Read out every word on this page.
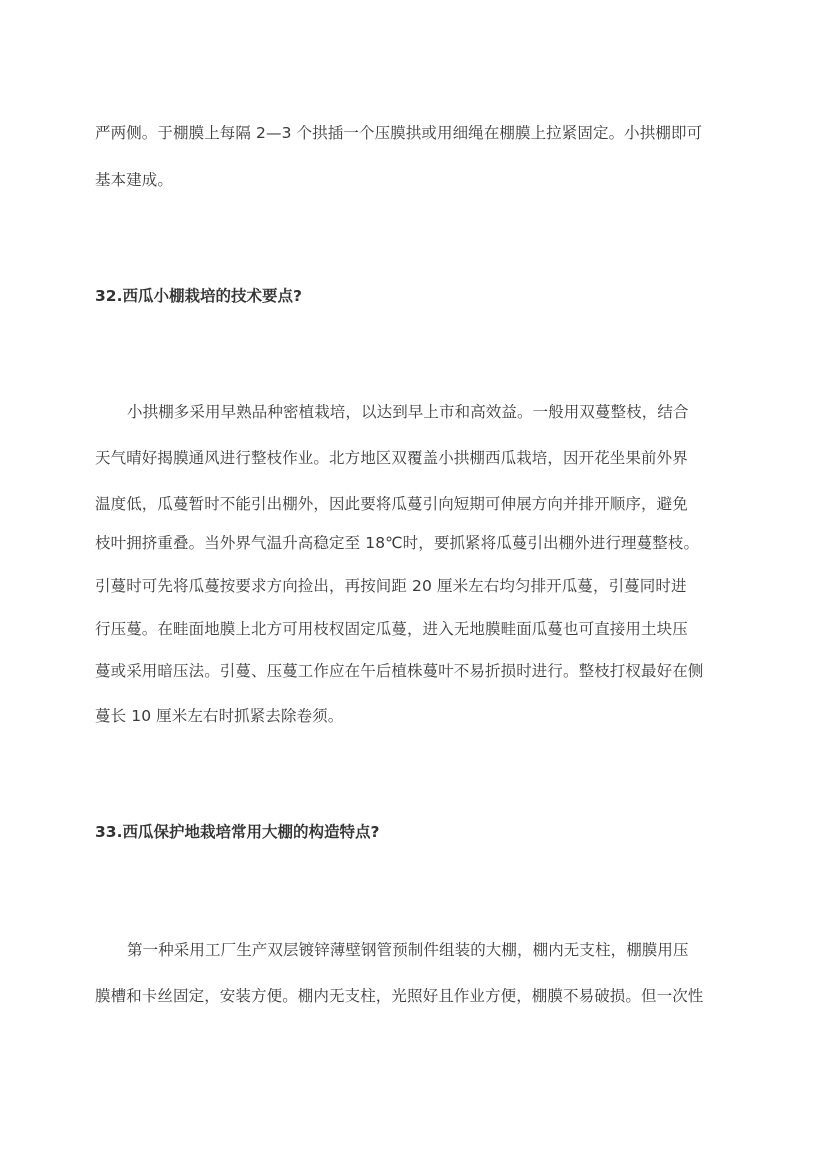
严两侧。于棚膜上每隔 2—3 个拱插一个压膜拱或用细绳在棚膜上拉紧固定。小拱棚即可
基本建成。
32.西瓜小棚栽培的技术要点?
小拱棚多采用早熟品种密植栽培，以达到早上市和高效益。一般用双蔓整枝，结合
天气晴好揭膜通风进行整枝作业。北方地区双覆盖小拱棚西瓜栽培，因开花坐果前外界
温度低，瓜蔓暂时不能引出棚外，因此要将瓜蔓引向短期可伸展方向并排开顺序，避免
枝叶拥挤重叠。当外界气温升高稳定至 18℃时，要抓紧将瓜蔓引出棚外进行理蔓整枝。
引蔓时可先将瓜蔓按要求方向捡出，再按间距 20 厘米左右均匀排开瓜蔓，引蔓同时进
行压蔓。在畦面地膜上北方可用枝杈固定瓜蔓，进入无地膜畦面瓜蔓也可直接用土块压
蔓或采用暗压法。引蔓、压蔓工作应在午后植株蔓叶不易折损时进行。整枝打杈最好在侧
蔓长 10 厘米左右时抓紧去除卷须。
33.西瓜保护地栽培常用大棚的构造特点?
第一种采用工厂生产双层镀锌薄壁钢管预制件组装的大棚，棚内无支柱，棚膜用压
膜槽和卡丝固定，安装方便。棚内无支柱，光照好且作业方便，棚膜不易破损。但一次性
